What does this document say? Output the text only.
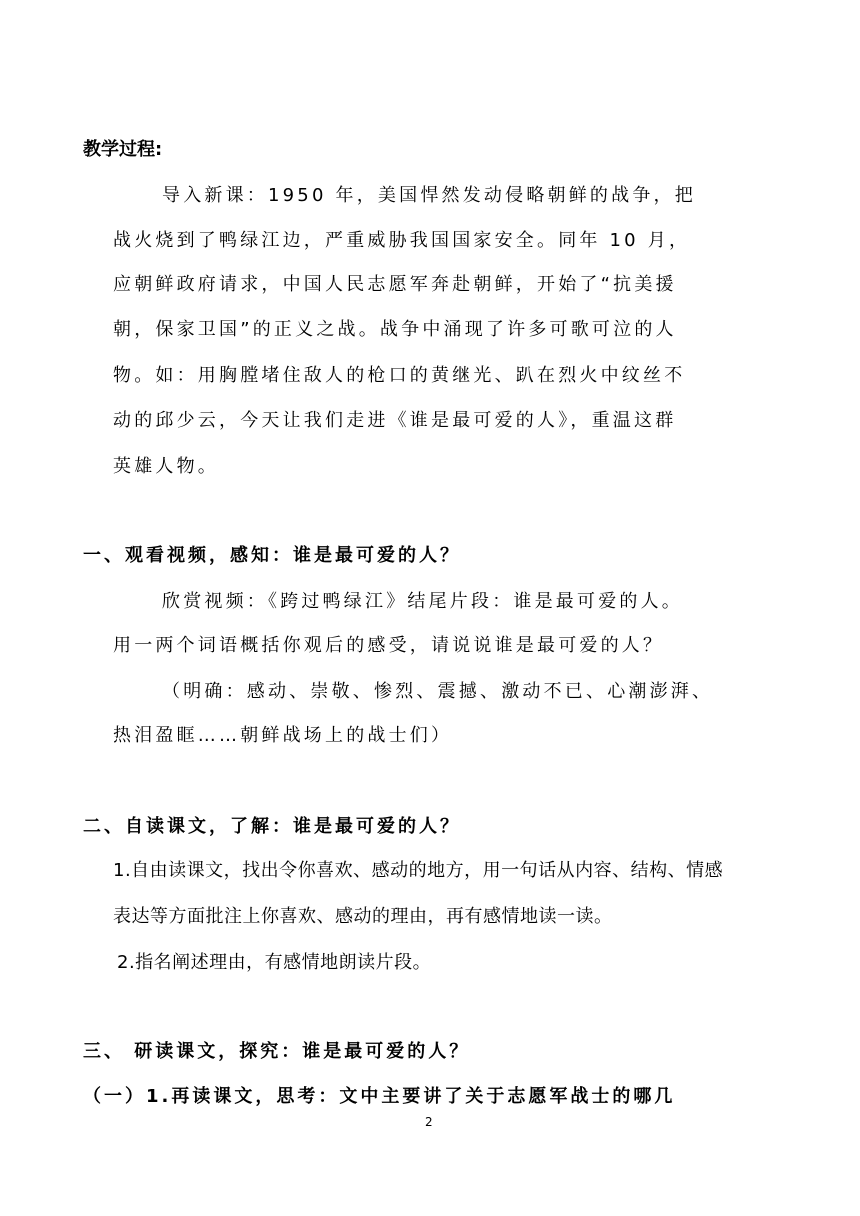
教学过程:
导入新课：1950 年，美国悍然发动侵略朝鲜的战争，把
战火烧到了鸭绿江边，严重威胁我国国家安全。同年 10 月，
应朝鲜政府请求，中国人民志愿军奔赴朝鲜，开始了“抗美援
朝，保家卫国”的正义之战。战争中涌现了许多可歌可泣的人
物。如：用胸膛堵住敌人的枪口的黄继光、趴在烈火中纹丝不
动的邱少云，今天让我们走进《谁是最可爱的人》，重温这群
英雄人物。
一、观看视频，感知：谁是最可爱的人？
欣赏视频：《跨过鸭绿江》结尾片段：谁是最可爱的人。
用一两个词语概括你观后的感受，请说说谁是最可爱的人？
（明确：感动、崇敬、惨烈、震撼、激动不已、心潮澎湃、
热泪盈眶……朝鲜战场上的战士们）
二、自读课文，了解：谁是最可爱的人？
1.自由读课文，找出令你喜欢、感动的地方，用一句话从内容、结构、情感
表达等方面批注上你喜欢、感动的理由，再有感情地读一读。
2.指名阐述理由，有感情地朗读片段。
三、 研读课文，探究：谁是最可爱的人？
（一）1.再读课文，思考：文中主要讲了关于志愿军战士的哪几
2
